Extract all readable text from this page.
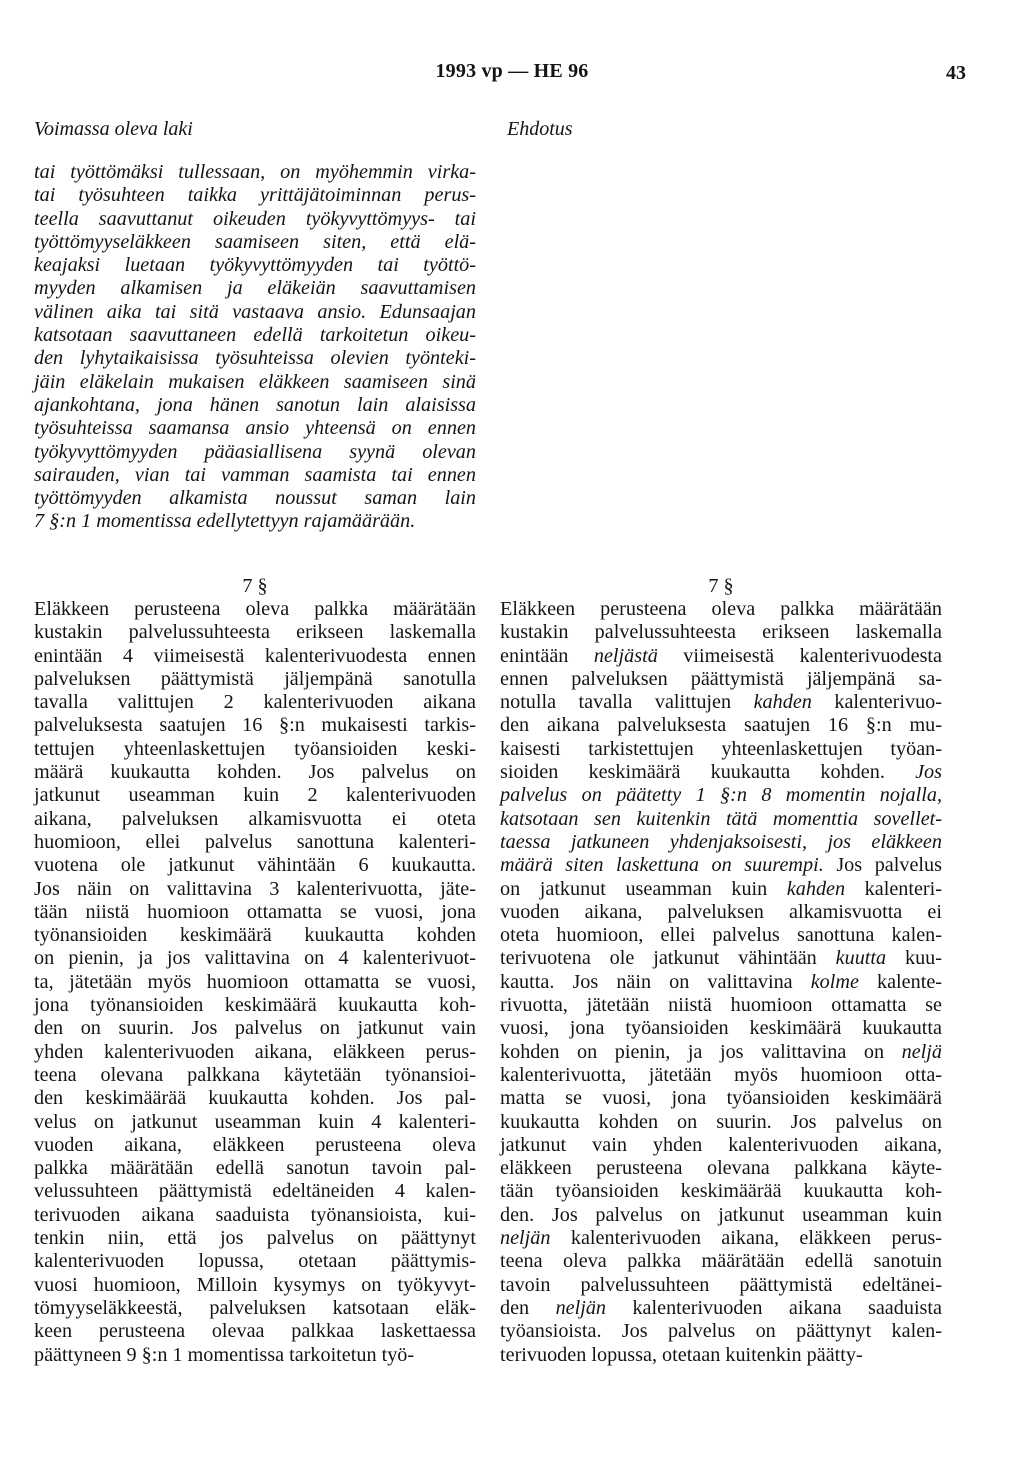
1993 vp — HE 96	43
Voimassa oleva laki	Ehdotus

tai työttömäksi tullessaan, on myöhemmin virka-

tai työsuhteen taikka yrittäjätoiminnan perus-

teella saavuttanut oikeuden työkyvyttömyys- tai

työttömyyseläkkeen saamiseen siten, että elä-

keajaksi luetaan työkyvyttömyyden tai työttö-

myyden alkamisen ja eläkeiän saavuttamisen

välinen aika tai sitä vastaava ansio. Edunsaajan

katsotaan saavuttaneen edellä tarkoitetun oikeu-

den lyhytaikaisissa työsuhteissa olevien työnteki-

jäin eläkelain mukaisen eläkkeen saamiseen sinä

ajankohtana, jona hänen sanotun lain alaisissa

työsuhteissa saamansa ansio yhteensä on ennen

työkyvyttömyyden pääasiallisena syynä olevan

sairauden, vian tai vamman saamista tai ennen

työttömyyden alkamista noussut saman lain

7 §:n 1 momentissa edellytettyyn rajamäärään.

7 §

Eläkkeen perusteena oleva palkka määrätään

kustakin palvelussuhteesta erikseen laskemalla

enintään 4 viimeisestä kalenterivuodesta ennen

palveluksen päättymistä jäljempänä sanotulla

tavalla valittujen 2 kalenterivuoden aikana

palveluksesta saatujen 16 §:n mukaisesti tarkis-

tettujen yhteenlaskettujen työansioiden keski-

määrä kuukautta kohden. Jos palvelus on

jatkunut useamman kuin 2 kalenterivuoden

aikana, palveluksen alkamisvuotta ei oteta

huomioon, ellei palvelus sanottuna kalenteri-

vuotena ole jatkunut vähintään 6 kuukautta.

Jos näin on valittavina 3 kalenterivuotta, jäte-

tään niistä huomioon ottamatta se vuosi, jona

työnansioiden keskimäärä kuukautta kohden

on pienin, ja jos valittavina on 4 kalenterivuot-

ta, jätetään myös huomioon ottamatta se vuosi,

jona työnansioiden keskimäärä kuukautta koh-

den on suurin. Jos palvelus on jatkunut vain

yhden kalenterivuoden aikana, eläkkeen perus-

teena olevana palkkana käytetään työnansioi-

den keskimäärää kuukautta kohden. Jos pal-

velus on jatkunut useamman kuin 4 kalenteri-

vuoden aikana, eläkkeen perusteena oleva

palkka määrätään edellä sanotun tavoin pal-

velussuhteen päättymistä edeltäneiden 4 kalen-

terivuoden aikana saaduista työnansioista, kui-

tenkin niin, että jos palvelus on päättynyt

kalenterivuoden lopussa, otetaan päättymis-

vuosi huomioon, Milloin kysymys on työkyvyt-

tömyyseläkkeestä, palveluksen katsotaan eläk-

keen perusteena olevaa palkkaa laskettaessa

päättyneen 9 §:n 1 momentissa tarkoitetun työ-

7 §

Eläkkeen perusteena oleva palkka määrätään

kustakin palvelussuhteesta erikseen laskemalla

enintään neljästä viimeisestä kalenterivuodesta

ennen palveluksen päättymistä jäljempänä sa-

notulla tavalla valittujen kahden kalenterivuo-

den aikana palveluksesta saatujen 16 §:n mu-

kaisesti tarkistettujen yhteenlaskettujen työan-

sioiden keskimäärä kuukautta kohden. Jos

palvelus on päätetty 1 §:n 8 momentin nojalla,

katsotaan sen kuitenkin tätä momenttia sovellet-

taessa jatkuneen yhdenjaksoisesti, jos eläkkeen

määrä siten laskettuna on suurempi. Jos palvelus

on jatkunut useamman kuin kahden kalenteri-

vuoden aikana, palveluksen alkamisvuotta ei

oteta huomioon, ellei palvelus sanottuna kalen-

terivuotena ole jatkunut vähintään kuutta kuu-

kautta. Jos näin on valittavina kolme kalente-

rivuotta, jätetään niistä huomioon ottamatta se

vuosi, jona työansioiden keskimäärä kuukautta

kohden on pienin, ja jos valittavina on neljä

kalenterivuotta, jätetään myös huomioon otta-

matta se vuosi, jona työansioiden keskimäärä

kuukautta kohden on suurin. Jos palvelus on

jatkunut vain yhden kalenterivuoden aikana,

eläkkeen perusteena olevana palkkana käyte-

tään työansioiden keskimäärää kuukautta koh-

den. Jos palvelus on jatkunut useamman kuin

neljän kalenterivuoden aikana, eläkkeen perus-

teena oleva palkka määrätään edellä sanotuin

tavoin palvelussuhteen päättymistä edeltänei-

den neljän kalenterivuoden aikana saaduista

työansioista. Jos palvelus on päättynyt kalen-

terivuoden lopussa, otetaan kuitenkin päätty-
